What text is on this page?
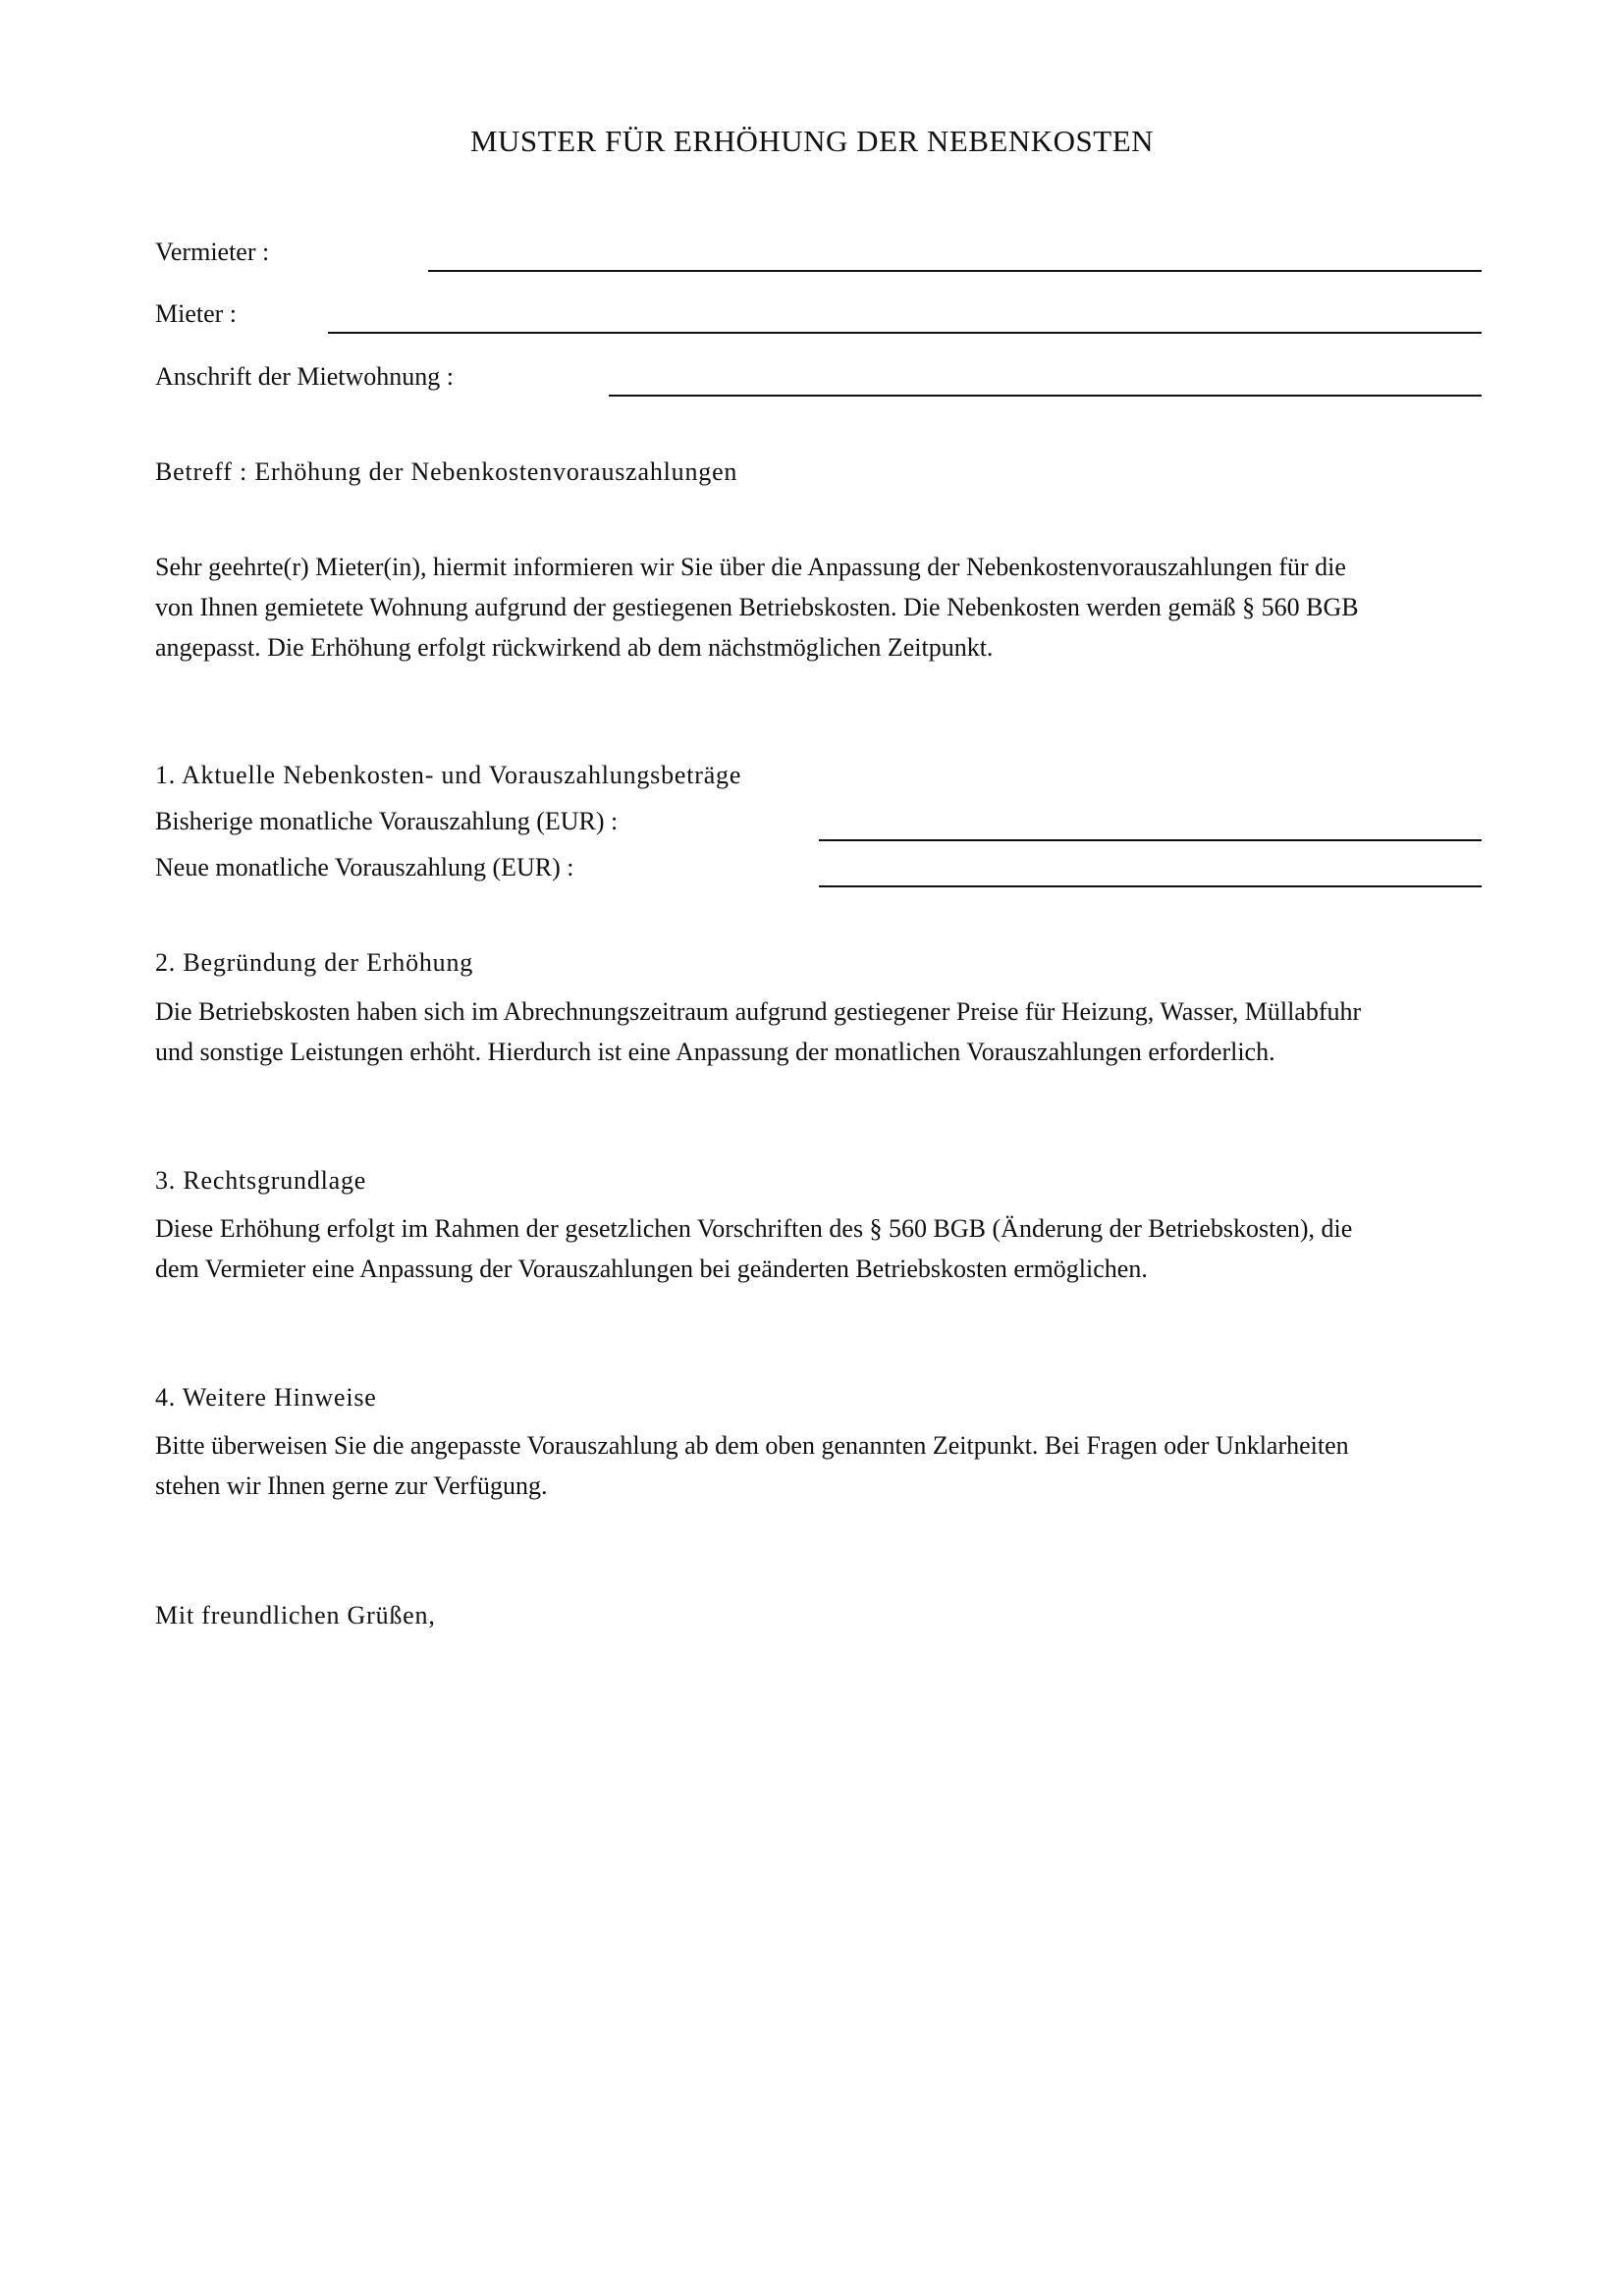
MUSTER FÜR ERHÖHUNG DER NEBENKOSTEN
Vermieter :
Mieter :
Anschrift der Mietwohnung :
Betreff : Erhöhung der Nebenkostenvorauszahlungen
Sehr geehrte(r) Mieter(in), hiermit informieren wir Sie über die Anpassung der Nebenkostenvorauszahlungen für die
von Ihnen gemietete Wohnung aufgrund der gestiegenen Betriebskosten. Die Nebenkosten werden gemäß § 560 BGB
angepasst. Die Erhöhung erfolgt rückwirkend ab dem nächstmöglichen Zeitpunkt.
1. Aktuelle Nebenkosten- und Vorauszahlungsbeträge
Bisherige monatliche Vorauszahlung (EUR) :
Neue monatliche Vorauszahlung (EUR) :
2. Begründung der Erhöhung
Die Betriebskosten haben sich im Abrechnungszeitraum aufgrund gestiegener Preise für Heizung, Wasser, Müllabfuhr
und sonstige Leistungen erhöht. Hierdurch ist eine Anpassung der monatlichen Vorauszahlungen erforderlich.
3. Rechtsgrundlage
Diese Erhöhung erfolgt im Rahmen der gesetzlichen Vorschriften des § 560 BGB (Änderung der Betriebskosten), die
dem Vermieter eine Anpassung der Vorauszahlungen bei geänderten Betriebskosten ermöglichen.
4. Weitere Hinweise
Bitte überweisen Sie die angepasste Vorauszahlung ab dem oben genannten Zeitpunkt. Bei Fragen oder Unklarheiten
stehen wir Ihnen gerne zur Verfügung.
Mit freundlichen Grüßen,
